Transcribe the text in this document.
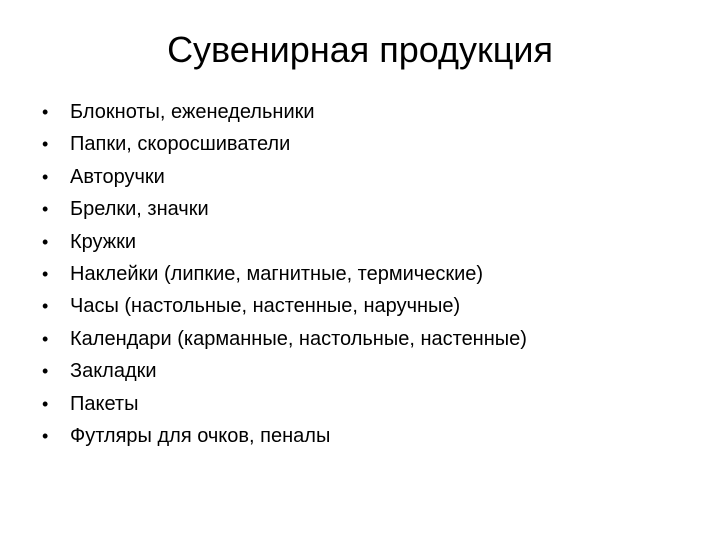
Сувенирная продукция
• Блокноты, еженедельники
• Папки, скоросшиватели
• Авторучки
• Брелки, значки
• Кружки
• Наклейки (липкие, магнитные, термические)
• Часы (настольные, настенные, наручные)
• Календари (карманные, настольные, настенные)
• Закладки
• Пакеты
• Футляры для очков, пеналы
